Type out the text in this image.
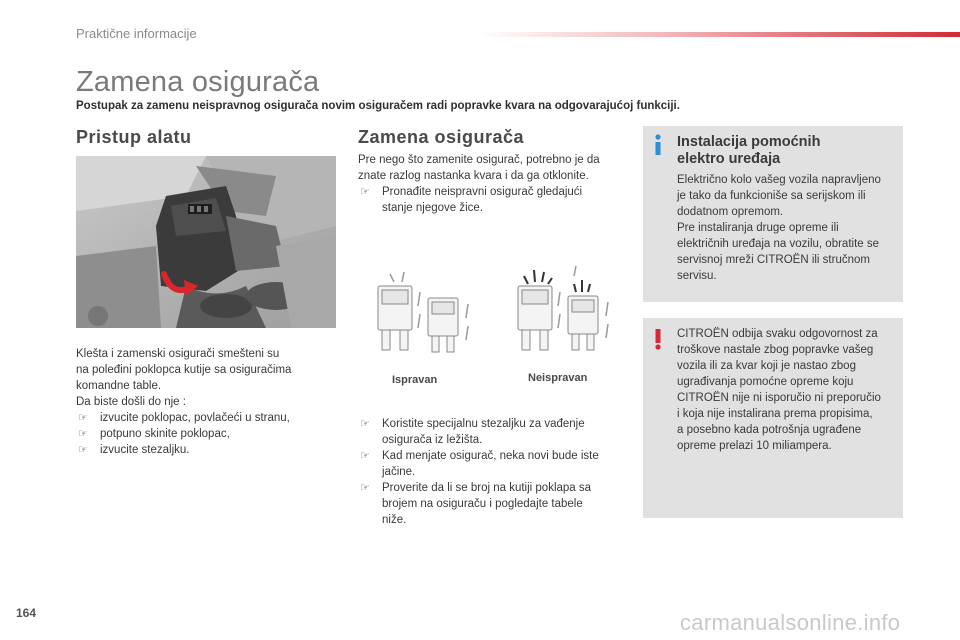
Praktične informacije
Zamena osigurača
Postupak za zamenu neispravnog osigurača novim osiguračem radi popravke kvara na odgovarajućoj funkciji.
Pristup alatu

Klešta i zamenski osigurači smešteni su

na poleđini poklopca kutije sa osiguračima

komandne table.

Da biste došli do nje :

☞	izvucite poklopac, povlačeći u stranu,
☞	potpuno skinite poklopac,
☞	izvucite stezaljku.
Zamena osigurača

Pre nego što zamenite osigurač, potrebno je da

znate razlog nastanka kvara i da ga otklonite.

☞	Pronađite neispravni osigurač gledajući
stanje njegove žice.
Ispravan	Neispravan
☞	Koristite specijalnu stezaljku za vađenje
osigurača iz ležišta.
☞	Kad menjate osigurač, neka novi bude iste
jačine.
☞	Proverite da li se broj na kutiji poklapa sa
brojem na osiguraču i pogledajte tabele
niže.
Instalacija pomoćnih
elektro uređaja

Električno kolo vašeg vozila napravljeno

je tako da funkcioniše sa serijskom ili

dodatnom opremom.

Pre instaliranja druge opreme ili

električnih uređaja na vozilu, obratite se

servisnoj mreži CITROËN ili stručnom

servisu.

CITROËN odbija svaku odgovornost za

troškove nastale zbog popravke vašeg

vozila ili za kvar koji je nastao zbog

ugrađivanja pomoćne opreme koju

CITROËN nije ni isporučio ni preporučio

i koja nije instalirana prema propisima,

a posebno kada potrošnja ugrađene

opreme prelazi 10 miliampera.

164	carmanualsonline.info
